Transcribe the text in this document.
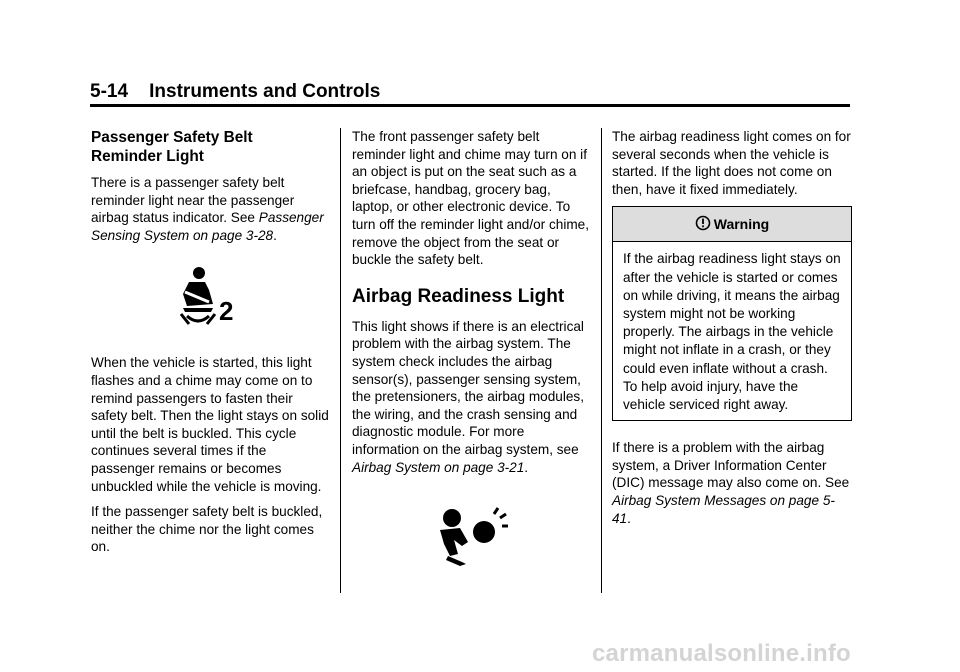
5-14 Instruments and Controls
Passenger Safety Belt
Reminder Light

There is a passenger safety belt reminder light near the passenger airbag status indicator. See Passenger Sensing System on page 3-28.

2

When the vehicle is started, this light flashes and a chime may come on to remind passengers to fasten their safety belt. Then the light stays on solid until the belt is buckled. This cycle continues several times if the passenger remains or becomes unbuckled while the vehicle is moving.

If the passenger safety belt is buckled, neither the chime nor the light comes on.

The front passenger safety belt reminder light and chime may turn on if an object is put on the seat such as a briefcase, handbag, grocery bag, laptop, or other electronic device. To turn off the reminder light and/or chime, remove the object from the seat or buckle the safety belt.

Airbag Readiness Light

This light shows if there is an electrical problem with the airbag system. The system check includes the airbag sensor(s), passenger sensing system, the pretensioners, the airbag modules, the wiring, and the crash sensing and diagnostic module. For more information on the airbag system, see Airbag System on page 3-21.

The airbag readiness light comes on for several seconds when the vehicle is started. If the light does not come on then, have it fixed immediately.

Warning
If the airbag readiness light stays on after the vehicle is started or comes on while driving, it means the airbag system might not be working properly. The airbags in the vehicle might not inflate in a crash, or they could even inflate without a crash. To help avoid injury, have the vehicle serviced right away.

If there is a problem with the airbag system, a Driver Information Center (DIC) message may also come on. See Airbag System Messages on page 5-41.

carmanualsonline.info
